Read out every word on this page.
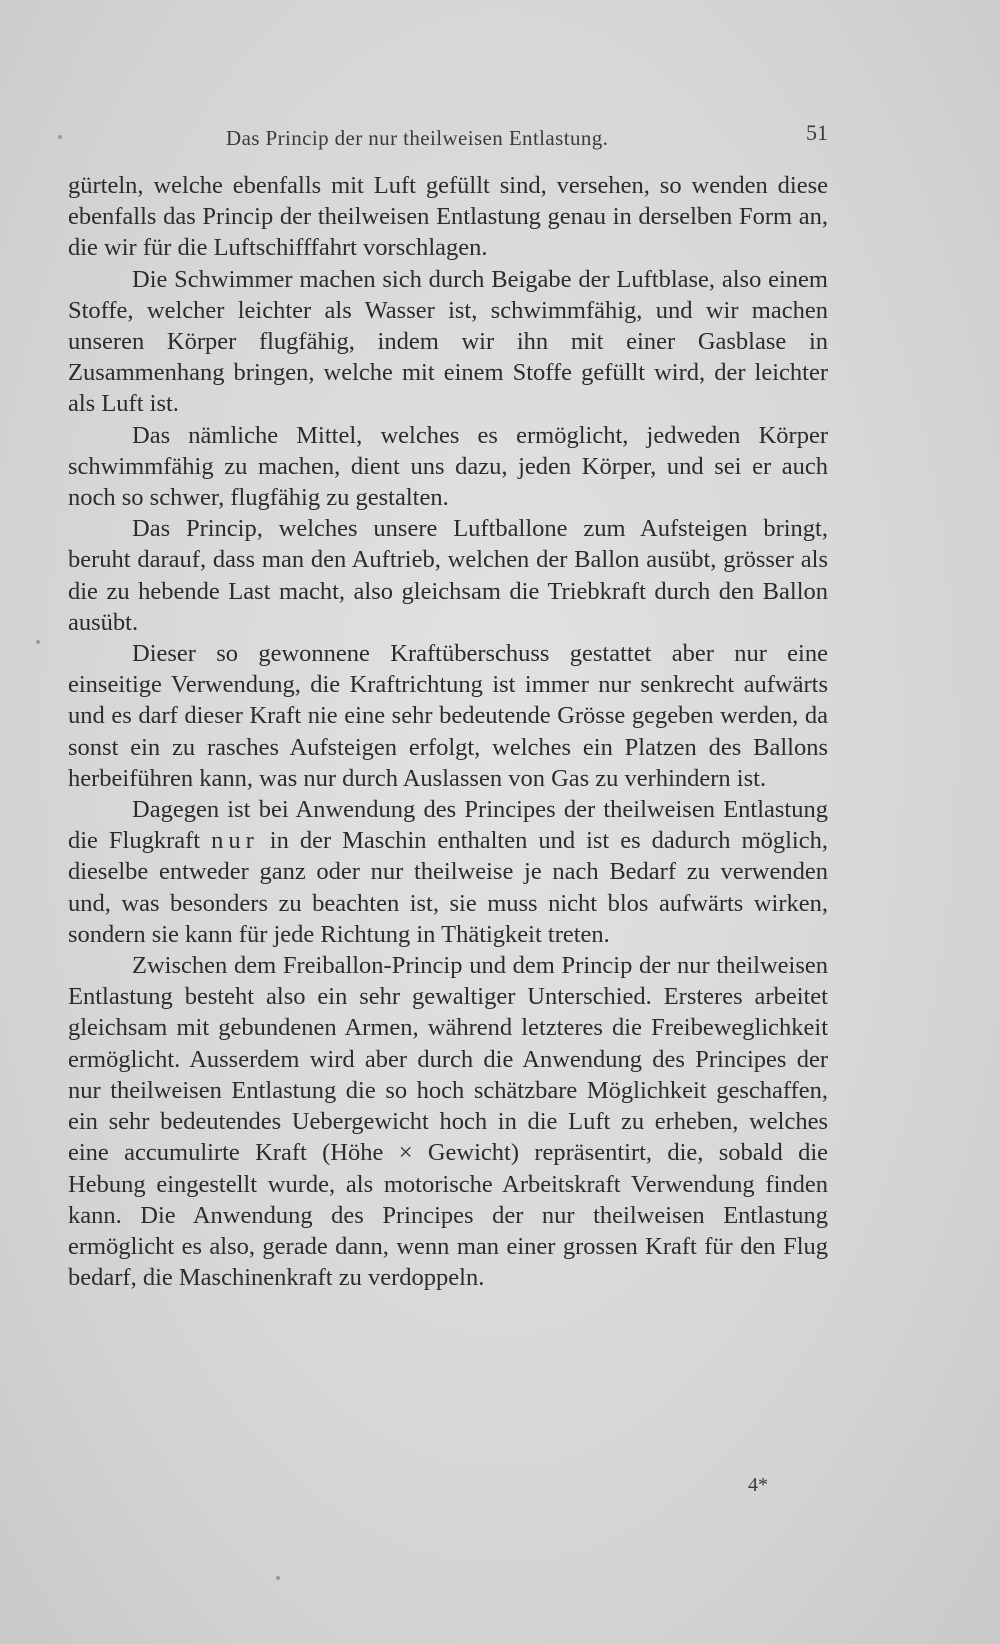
Das Princip der nur theilweisen Entlastung.	51

gürteln, welche ebenfalls mit Luft gefüllt sind, versehen, so wenden diese ebenfalls das Princip der theilweisen Entlastung genau in derselben Form an, die wir für die Luftschifffahrt vorschlagen.

Die Schwimmer machen sich durch Beigabe der Luftblase, also einem Stoffe, welcher leichter als Wasser ist, schwimmfähig, und wir machen unseren Körper flugfähig, indem wir ihn mit einer Gasblase in Zusammenhang bringen, welche mit einem Stoffe gefüllt wird, der leichter als Luft ist.

Das nämliche Mittel, welches es ermöglicht, jedweden Körper schwimmfähig zu machen, dient uns dazu, jeden Körper, und sei er auch noch so schwer, flugfähig zu gestalten.

Das Princip, welches unsere Luftballone zum Aufsteigen bringt, beruht darauf, dass man den Auftrieb, welchen der Ballon ausübt, grösser als die zu hebende Last macht, also gleichsam die Triebkraft durch den Ballon ausübt.

Dieser so gewonnene Kraftüberschuss gestattet aber nur eine einseitige Verwendung, die Kraftrichtung ist immer nur senkrecht aufwärts und es darf dieser Kraft nie eine sehr bedeutende Grösse gegeben werden, da sonst ein zu rasches Aufsteigen erfolgt, welches ein Platzen des Ballons herbeiführen kann, was nur durch Auslassen von Gas zu verhindern ist.

Dagegen ist bei Anwendung des Principes der theilweisen Entlastung die Flugkraft nur in der Maschin enthalten und ist es dadurch möglich, dieselbe entweder ganz oder nur theilweise je nach Bedarf zu verwenden und, was besonders zu beachten ist, sie muss nicht blos aufwärts wirken, sondern sie kann für jede Richtung in Thätigkeit treten.

Zwischen dem Freiballon-Princip und dem Princip der nur theilweisen Entlastung besteht also ein sehr gewaltiger Unterschied. Ersteres arbeitet gleichsam mit gebundenen Armen, während letzteres die Freibeweglichkeit ermöglicht. Ausserdem wird aber durch die Anwendung des Principes der nur theilweisen Entlastung die so hoch schätzbare Möglichkeit geschaffen, ein sehr bedeutendes Uebergewicht hoch in die Luft zu erheben, welches eine accumulirte Kraft (Höhe × Gewicht) repräsentirt, die, sobald die Hebung eingestellt wurde, als motorische Arbeitskraft Verwendung finden kann. Die Anwendung des Principes der nur theilweisen Entlastung ermöglicht es also, gerade dann, wenn man einer grossen Kraft für den Flug bedarf, die Maschinenkraft zu verdoppeln.

4*
